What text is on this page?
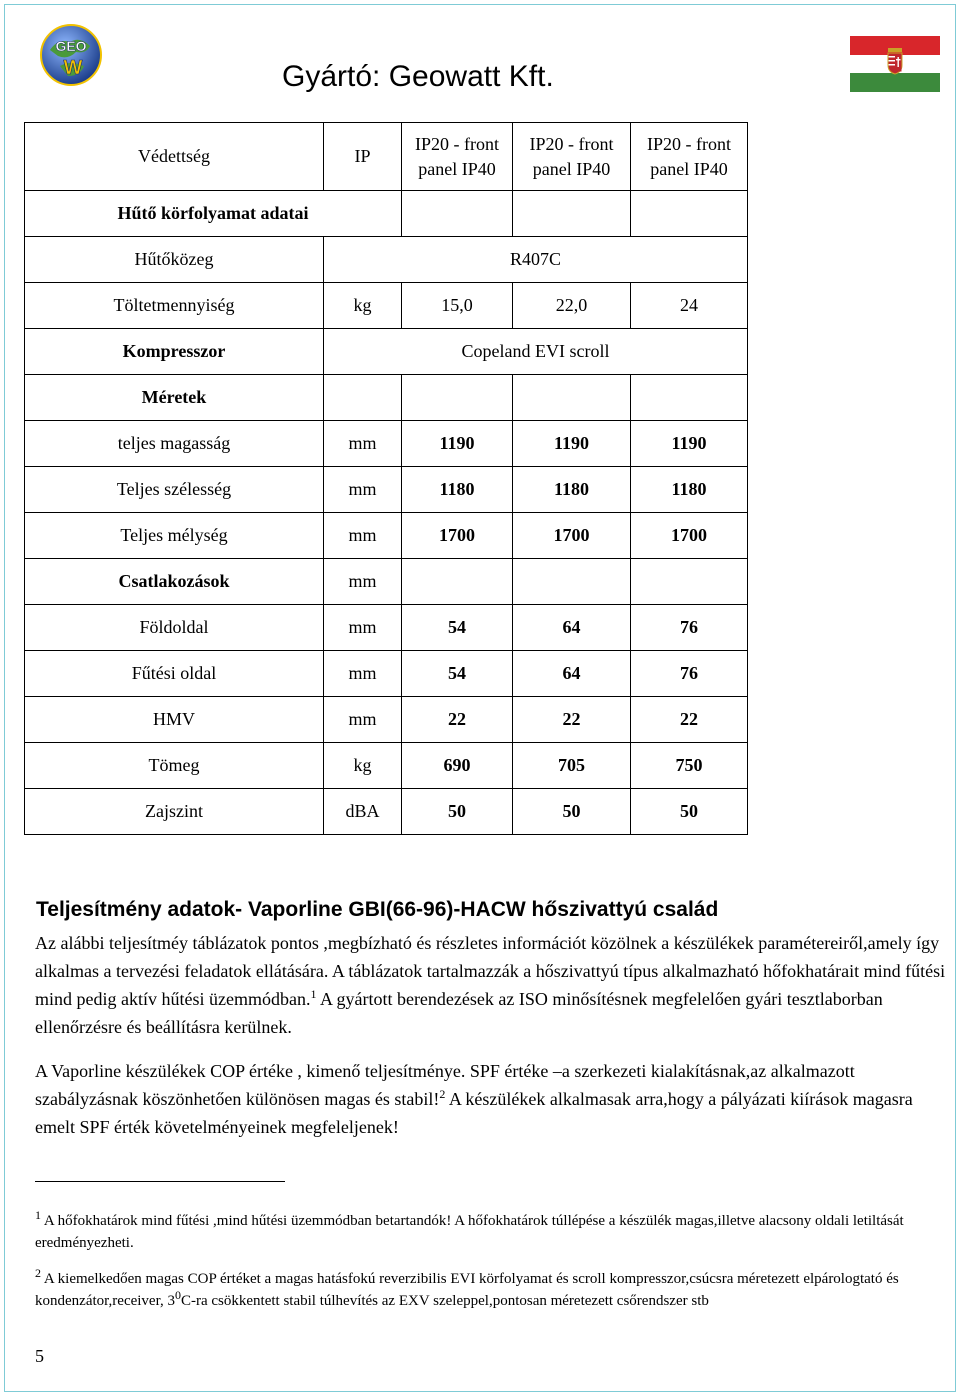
GEO
W	Gyártó: Geowatt Kft.
Védettség	IP	IP20 - front panel IP40	IP20 - front panel IP40	IP20 - front panel IP40
Hűtő körfolyamat adatai				
Hűtőközeg	R407C			
Töltetmennyiség	kg	15,0	22,0	24
Kompresszor	Copeland EVI scroll			
Méretek				
teljes magasság	mm	1190	1190	1190
Teljes szélesség	mm	1180	1180	1180
Teljes mélység	mm	1700	1700	1700
Csatlakozások	mm			
Földoldal	mm	54	64	76
Fűtési oldal	mm	54	64	76
HMV	mm	22	22	22
Tömeg	kg	690	705	750
Zajszint	dBA	50	50	50
Teljesítmény adatok- Vaporline GBI(66-96)-HACW hőszivattyú család
Az alábbi teljesítméy táblázatok pontos ,megbízható és részletes információt közölnek a készülékek paramétereiről,amely így alkalmas a tervezési feladatok ellátására. A táblázatok tartalmazzák a hőszivattyú típus alkalmazható hőfokhatárait mind fűtési mind pedig aktív hűtési üzemmódban.$^1$ A gyártott berendezések az ISO minősítésnek megfelelően gyári tesztlaborban ellenőrzésre és beállításra kerülnek.
A Vaporline készülékek COP értéke , kimenő teljesítménye. SPF értéke –a szerkezeti kialakításnak,az alkalmazott szabályzásnak köszönhetően különösen magas és stabil!$^2$ A készülékek alkalmasak arra,hogy a pályázati kiírások magasra emelt SPF érték követelményeinek megfeleljenek!
$^1$ A hőfokhatárok mind fűtési ,mind hűtési üzemmódban betartandók! A hőfokhatárok túllépése a készülék magas,illetve alacsony oldali letiltását eredményezheti.
$^2$ A kiemelkedően magas COP értéket a magas hatásfokú reverzibilis EVI körfolyamat és scroll kompresszor,csúcsra méretezett elpárologtató és kondenzátor,receiver, $3^0C-ra$ csökkentett stabil túlhevítés az EXV szeleppel,pontosan méretezett csőrendszer stb
5
